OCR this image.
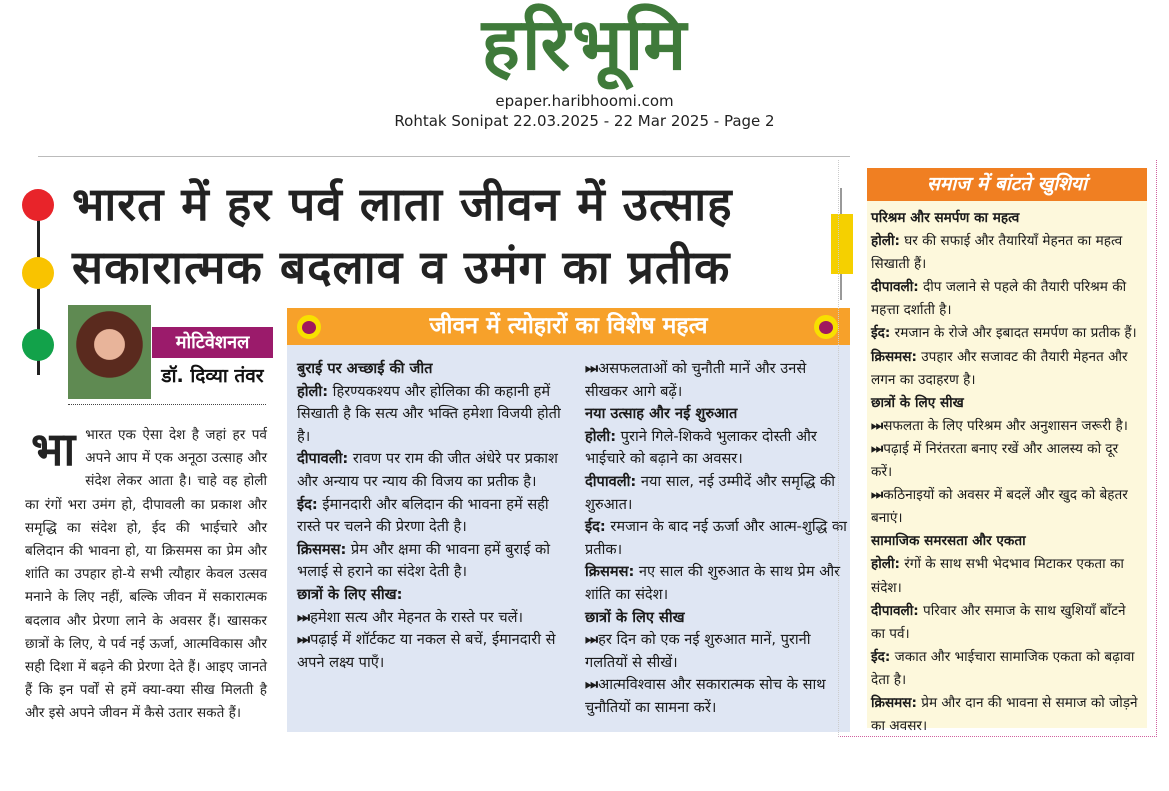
हरिभूमि
epaper.haribhoomi.com
Rohtak Sonipat 22.03.2025 - 22 Mar 2025 - Page 2
भारत में हर पर्व लाता जीवन में उत्साह
सकारात्मक बदलाव व उमंग का प्रतीक
मोटिवेशनल
डॉ. दिव्या तंवर
भा भारत एक ऐसा देश है जहां हर पर्व अपने आप में एक अनूठा उत्साह और संदेश लेकर आता है। चाहे वह होली का रंगों भरा उमंग हो, दीपावली का प्रकाश और समृद्धि का संदेश हो, ईद की भाईचारे और बलिदान की भावना हो, या क्रिसमस का प्रेम और शांति का उपहार हो-ये सभी त्यौहार केवल उत्सव मनाने के लिए नहीं, बल्कि जीवन में सकारात्मक बदलाव और प्रेरणा लाने के अवसर हैं। खासकर छात्रों के लिए, ये पर्व नई ऊर्जा, आत्मविकास और सही दिशा में बढ़ने की प्रेरणा देते हैं। आइए जानते हैं कि इन पर्वों से हमें क्या-क्या सीख मिलती है और इसे अपने जीवन में कैसे उतार सकते हैं।
जीवन में त्योहारों का विशेष महत्व
बुराई पर अच्छाई की जीत
होली: हिरण्यकश्यप और होलिका की कहानी हमें सिखाती है कि सत्य और भक्ति हमेशा विजयी होती है।
दीपावली: रावण पर राम की जीत अंधेरे पर प्रकाश और अन्याय पर न्याय की विजय का प्रतीक है।
ईद: ईमानदारी और बलिदान की भावना हमें सही रास्ते पर चलने की प्रेरणा देती है।
क्रिसमस: प्रेम और क्षमा की भावना हमें बुराई को भलाई से हराने का संदेश देती है।
छात्रों के लिए सीख:
⏭हमेशा सत्य और मेहनत के रास्ते पर चलें।
⏭पढ़ाई में शॉर्टकट या नकल से बचें, ईमानदारी से अपने लक्ष्य पाएँ।
⏭असफलताओं को चुनौती मानें और उनसे सीखकर आगे बढ़ें।
नया उत्साह और नई शुरुआत
होली: पुराने गिले-शिकवे भुलाकर दोस्ती और भाईचारे को बढ़ाने का अवसर।
दीपावली: नया साल, नई उम्मीदें और समृद्धि की शुरुआत।
ईद: रमजान के बाद नई ऊर्जा और आत्म-शुद्धि का प्रतीक।
क्रिसमस: नए साल की शुरुआत के साथ प्रेम और शांति का संदेश।
छात्रों के लिए सीख
⏭हर दिन को एक नई शुरुआत मानें, पुरानी गलतियों से सीखें।
⏭आत्मविश्वास और सकारात्मक सोच के साथ चुनौतियों का सामना करें।
समाज में बांटते खुशियां
परिश्रम और समर्पण का महत्व
होली: घर की सफाई और तैयारियाँ मेहनत का महत्व सिखाती हैं।
दीपावली: दीप जलाने से पहले की तैयारी परिश्रम की महत्ता दर्शाती है।
ईद: रमजान के रोजे और इबादत समर्पण का प्रतीक हैं।
क्रिसमस: उपहार और सजावट की तैयारी मेहनत और लगन का उदाहरण है।
छात्रों के लिए सीख
⏭सफलता के लिए परिश्रम और अनुशासन जरूरी है।
⏭पढ़ाई में निरंतरता बनाए रखें और आलस्य को दूर करें।
⏭कठिनाइयों को अवसर में बदलें और खुद को बेहतर बनाएं।
सामाजिक समरसता और एकता
होली: रंगों के साथ सभी भेदभाव मिटाकर एकता का संदेश।
दीपावली: परिवार और समाज के साथ खुशियाँ बाँटने का पर्व।
ईद: जकात और भाईचारा सामाजिक एकता को बढ़ावा देता है।
क्रिसमस: प्रेम और दान की भावना से समाज को जोड़ने का अवसर।
